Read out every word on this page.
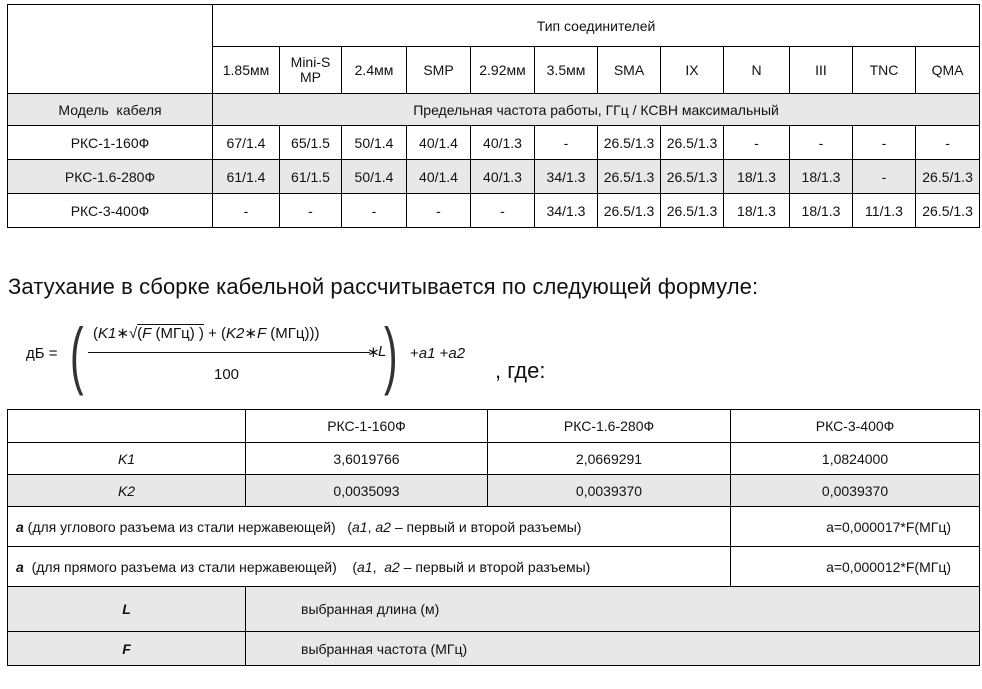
	Тип соединителей											
	1.85мм	Mini-SMP	2.4мм	SMP	2.92мм	3.5мм	SMA	IX	N	III	TNC	QMA
Модель  кабеля	Предельная частота работы, ГГц / КСВН максимальный											
РКС-1-160Ф	67/1.4	65/1.5	50/1.4	40/1.4	40/1.3	-	26.5/1.3	26.5/1.3	-	-	-	-
РКС-1.6-280Ф	61/1.4	61/1.5	50/1.4	40/1.4	40/1.3	34/1.3	26.5/1.3	26.5/1.3	18/1.3	18/1.3	-	26.5/1.3
РКС-3-400Ф	-	-	-	-	-	34/1.3	26.5/1.3	26.5/1.3	18/1.3	18/1.3	11/1.3	26.5/1.3
Затухание в сборке кабельной рассчитывается по следующей формуле:
дБ = ( (K1∗√(F (МГц) ) + (K2∗F (МГц)))
100
∗
L
) +a1 +a2
, где:
	РКС-1-160Ф	РКС-1.6-280Ф	РКС-3-400Ф
K1	3,6019766	2,0669291	1,0824000
K2	0,0035093	0,0039370	0,0039370
a (для углового разъема из стали нержавеющей)   (a1, a2 – первый и второй разъемы)			a=0,000017*F(МГц)
a  (для прямого разъема из стали нержавеющей)    (a1,  a2 – первый и второй разъемы)			a=0,000012*F(МГц)
L	выбранная длина (м)		
F	выбранная частота (МГц)		
